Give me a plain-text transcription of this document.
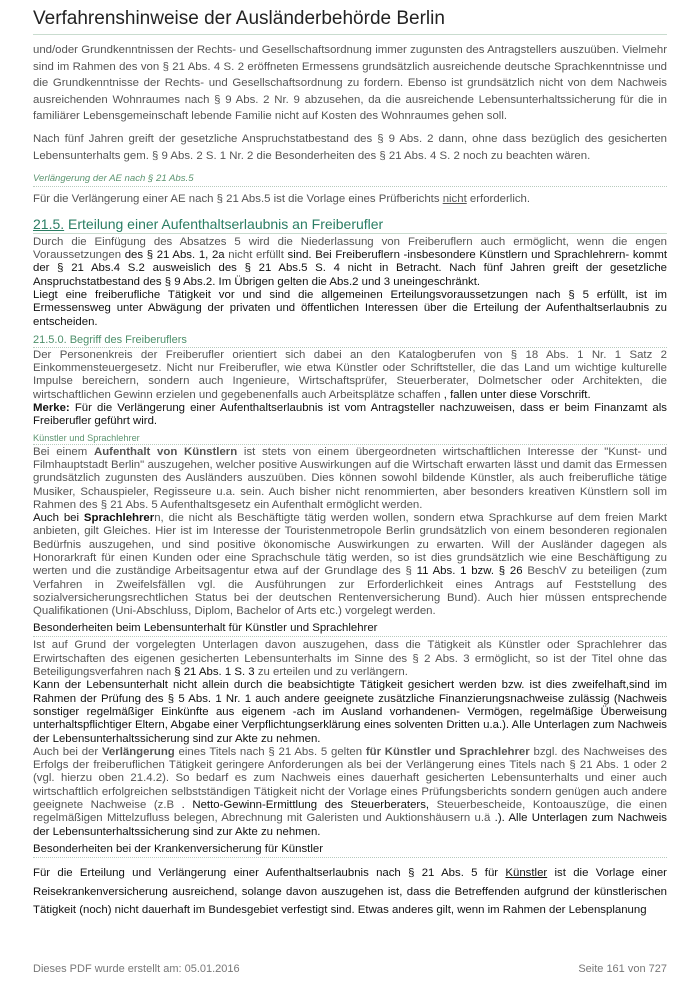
Verfahrenshinweise der Ausländerbehörde Berlin

und/oder Grundkenntnissen der Rechts- und Gesellschaftsordnung immer zugunsten des Antragstellers auszuüben. Vielmehr sind im Rahmen des von § 21 Abs. 4 S. 2 eröffneten Ermessens grundsätzlich ausreichende deutsche Sprachkenntnisse und die Grundkenntnisse der Rechts- und Gesellschaftsordnung zu fordern. Ebenso ist grundsätzlich nicht von dem Nachweis ausreichenden Wohnraumes nach § 9 Abs. 2 Nr. 9 abzusehen, da die ausreichende Lebensunterhaltssicherung für die in familiärer Lebensgemeinschaft lebende Familie nicht auf Kosten des Wohnraumes gehen soll.

Nach fünf Jahren greift der gesetzliche Anspruchstatbestand des § 9 Abs. 2 dann, ohne dass bezüglich des gesicherten Lebensunterhalts gem. § 9 Abs. 2 S. 1 Nr. 2 die Besonderheiten des § 21 Abs. 4 S. 2 noch zu beachten wären.

Verlängerung der AE nach § 21 Abs.5

Für die Verlängerung einer AE nach § 21 Abs.5 ist die Vorlage eines Prüfberichts nicht erforderlich.

21.5. Erteilung einer Aufenthaltserlaubnis an Freiberufler

Durch die Einfügung des Absatzes 5 wird die Niederlassung von Freiberuflern auch ermöglicht, wenn die engen Voraussetzungen des § 21 Abs. 1, 2a nicht erfüllt sind. Bei Freiberuflern -insbesondere Künstlern und Sprachlehrern- kommt der § 21 Abs.4 S.2 ausweislich des § 21 Abs.5 S. 4 nicht in Betracht. Nach fünf Jahren greift der gesetzliche Anspruchstatbestand des § 9 Abs.2. Im Übrigen gelten die Abs.2 und 3 uneingeschränkt.

Liegt eine freiberufliche Tätigkeit vor und sind die allgemeinen Erteilungsvoraussetzungen nach § 5 erfüllt, ist im Ermessensweg unter Abwägung der privaten und öffentlichen Interessen über die Erteilung der Aufenthaltserlaubnis zu entscheiden.

21.5.0. Begriff des Freiberuflers

Der Personenkreis der Freiberufler orientiert sich dabei an den Katalogberufen von § 18 Abs. 1 Nr. 1 Satz 2 Einkommensteuergesetz. Nicht nur Freiberufler, wie etwa Künstler oder Schriftsteller, die das Land um wichtige kulturelle Impulse bereichern, sondern auch Ingenieure, Wirtschaftsprüfer, Steuerberater, Dolmetscher oder Architekten, die wirtschaftlichen Gewinn erzielen und gegebenenfalls auch Arbeitsplätze schaffen , fallen unter diese Vorschrift.

Merke: Für die Verlängerung einer Aufenthaltserlaubnis ist vom Antragsteller nachzuweisen, dass er beim Finanzamt als Freiberufler geführt wird.

Künstler und Sprachlehrer

Bei einem Aufenthalt von Künstlern ist stets von einem übergeordneten wirtschaftlichen Interesse der "Kunst- und Filmhauptstadt Berlin" auszugehen, welcher positive Auswirkungen auf die Wirtschaft erwarten lässt und damit das Ermessen grundsätzlich zugunsten des Ausländers auszuüben. Dies können sowohl bildende Künstler, als auch freiberufliche tätige Musiker, Schauspieler, Regisseure u.a. sein. Auch bisher nicht renommierten, aber besonders kreativen Künstlern soll im Rahmen des § 21 Abs. 5 Aufenthaltsgesetz ein Aufenthalt ermöglicht werden.

Auch bei Sprachlehrern, die nicht als Beschäftigte tätig werden wollen, sondern etwa Sprachkurse auf dem freien Markt anbieten, gilt Gleiches. Hier ist im Interesse der Touristenmetropole Berlin grundsätzlich von einem besonderen regionalen Bedürfnis auszugehen, und sind positive ökonomische Auswirkungen zu erwarten. Will der Ausländer dagegen als Honorarkraft für einen Kunden oder eine Sprachschule tätig werden, so ist dies grundsätzlich wie eine Beschäftigung zu werten und die zuständige Arbeitsagentur etwa auf der Grundlage des § 11 Abs. 1 bzw. § 26 BeschV zu beteiligen (zum Verfahren in Zweifelsfällen vgl. die Ausführungen zur Erforderlichkeit eines Antrags auf Feststellung des sozialversicherungsrechtlichen Status bei der deutschen Rentenversicherung Bund). Auch hier müssen entsprechende Qualifikationen (Uni-Abschluss, Diplom, Bachelor of Arts etc.) vorgelegt werden.

Besonderheiten beim Lebensunterhalt für Künstler und Sprachlehrer

Ist auf Grund der vorgelegten Unterlagen davon auszugehen, dass die Tätigkeit als Künstler oder Sprachlehrer das Erwirtschaften des eigenen gesicherten Lebensunterhalts im Sinne des § 2 Abs. 3 ermöglicht, so ist der Titel ohne das Beteiligungsverfahren nach § 21 Abs. 1 S. 3 zu erteilen und zu verlängern.

Kann der Lebensunterhalt nicht allein durch die beabsichtigte Tätigkeit gesichert werden bzw. ist dies zweifelhaft,sind im Rahmen der Prüfung des § 5 Abs. 1 Nr. 1 auch andere geeignete zusätzliche Finanzierungsnachweise zulässig (Nachweis sonstiger regelmäßiger Einkünfte aus eigenem -ach im Ausland vorhandenen- Vermögen, regelmäßige Überweisung unterhaltspflichtiger Eltern, Abgabe einer Verpflichtungserklärung eines solventen Dritten u.a.). Alle Unterlagen zum Nachweis der Lebensunterhaltssicherung sind zur Akte zu nehmen.

Auch bei der Verlängerung eines Titels nach § 21 Abs. 5 gelten für Künstler und Sprachlehrer bzgl. des Nachweises des Erfolgs der freiberuflichen Tätigkeit geringere Anforderungen als bei der Verlängerung eines Titels nach § 21 Abs. 1 oder 2 (vgl. hierzu oben 21.4.2). So bedarf es zum Nachweis eines dauerhaft gesicherten Lebensunterhalts und einer auch wirtschaftlich erfolgreichen selbstständigen Tätigkeit nicht der Vorlage eines Prüfungsberichts sondern genügen auch andere geeignete Nachweise (z.B . Netto-Gewinn-Ermittlung des Steuerberaters, Steuerbescheide, Kontoauszüge, die einen regelmäßigen Mittelzufluss belegen, Abrechnung mit Galeristen und Auktionshäusern u.ä .). Alle Unterlagen zum Nachweis der Lebensunterhaltssicherung sind zur Akte zu nehmen.

Besonderheiten bei der Krankenversicherung für Künstler

Für die Erteilung und Verlängerung einer Aufenthaltserlaubnis nach § 21 Abs. 5 für Künstler ist die Vorlage einer Reisekrankenversicherung ausreichend, solange davon auszugehen ist, dass die Betreffenden aufgrund der künstlerischen Tätigkeit (noch) nicht dauerhaft im Bundesgebiet verfestigt sind. Etwas anderes gilt, wenn im Rahmen der Lebensplanung

Dieses PDF wurde erstellt am: 05.01.2016	Seite 161 von 727
